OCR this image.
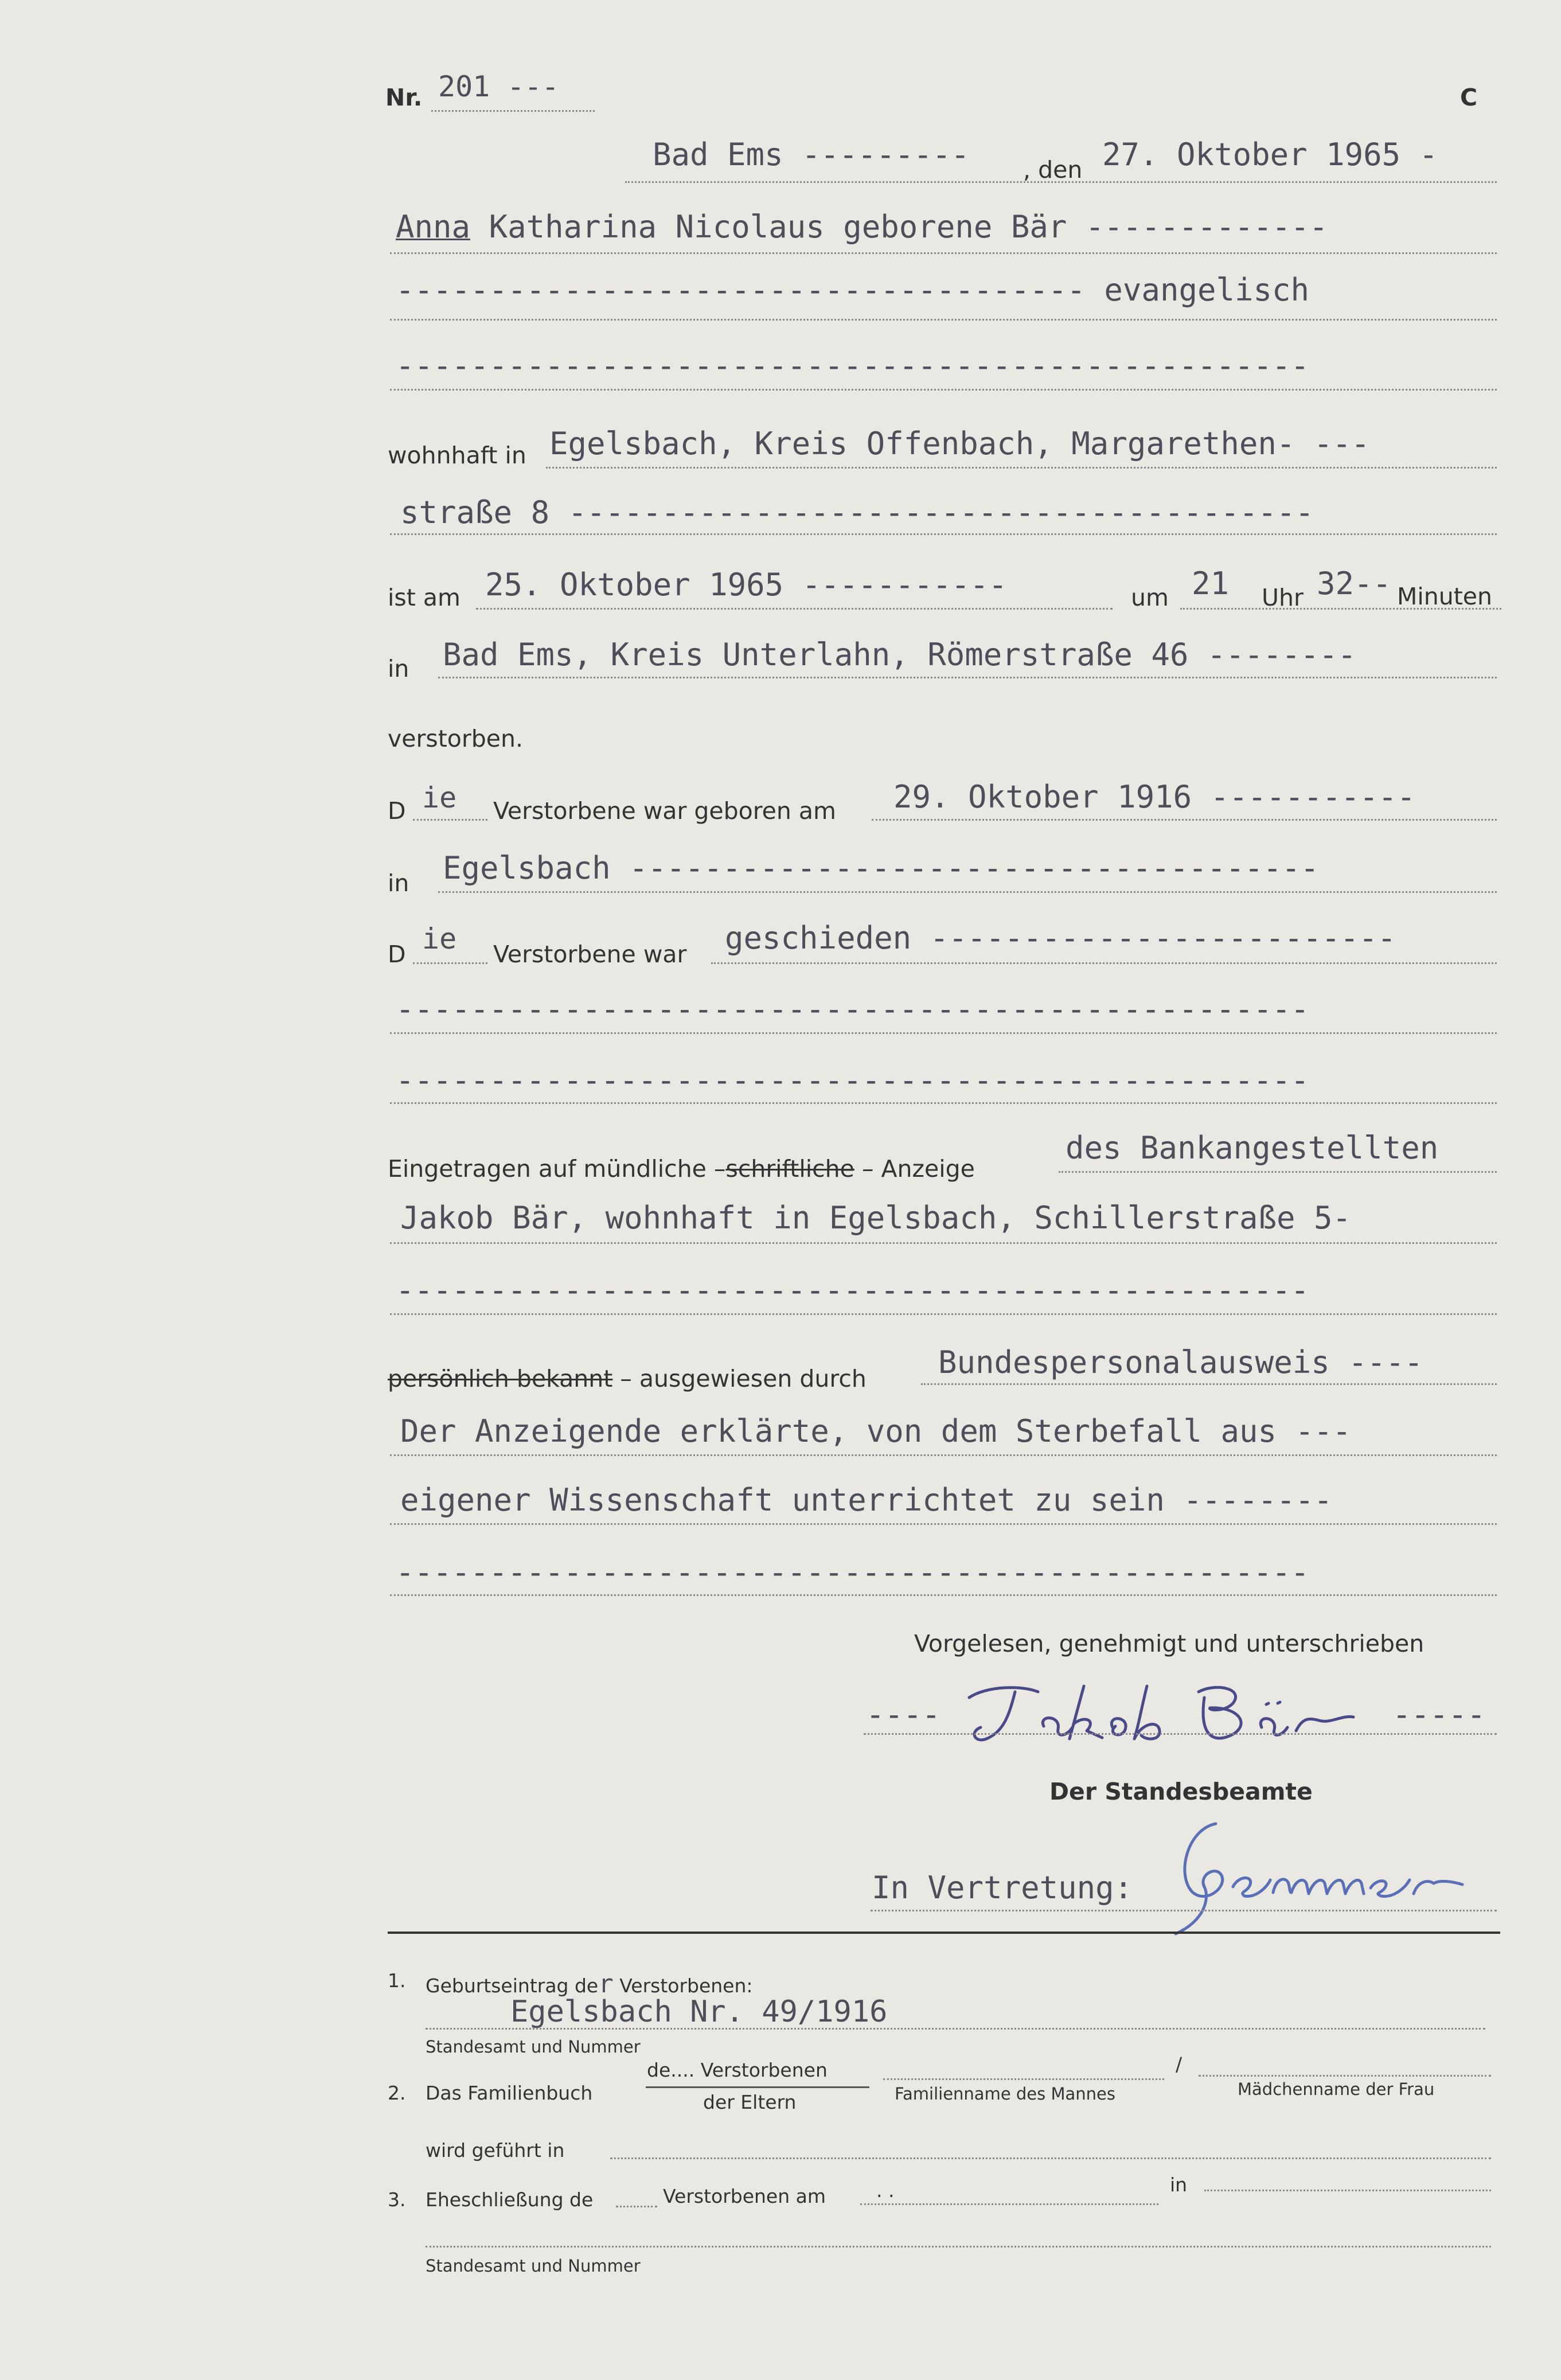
Nr. 201 ---	C
Bad Ems --------- , den 27. Oktober 1965 -
Anna Katharina Nicolaus geborene Bär -------------
------------------------------------- evangelisch
-------------------------------------------------
wohnhaft in Egelsbach, Kreis Offenbach, Margarethen- ---
straße 8 ----------------------------------------
ist am 25. Oktober 1965 -----------	um 21 Uhr 32-- Minuten
in Bad Ems, Kreis Unterlahn, Römerstraße 46 --------
verstorben.
D ie Verstorbene war geboren am 29. Oktober 1916 -----------
in Egelsbach -------------------------------------
D ie Verstorbene war geschieden -------------------------
-------------------------------------------------
-------------------------------------------------
Eingetragen auf mündliche –schriftliche – Anzeige
des Bankangestellten
Jakob Bär, wohnhaft in Egelsbach, Schillerstraße 5-
-------------------------------------------------
persönlich bekannt – ausgewiesen durch Bundespersonalausweis ----
Der Anzeigende erklärte, von dem Sterbefall aus ---
eigener Wissenschaft unterrichtet zu sein --------
-------------------------------------------------
Vorgelesen, genehmigt und unterschrieben
----	-----
Der Standesbeamte
In Vertretung:
1. Geburtseintrag der Verstorbenen:
Egelsbach Nr. 49/1916
Standesamt und Nummer
2. Das Familienbuch
de.... Verstorbenen
der Eltern	Familienname des Mannes
/
Mädchenname der Frau
wird geführt in
3. Eheschließung de	Verstorbenen am	. .	in
Standesamt und Nummer
